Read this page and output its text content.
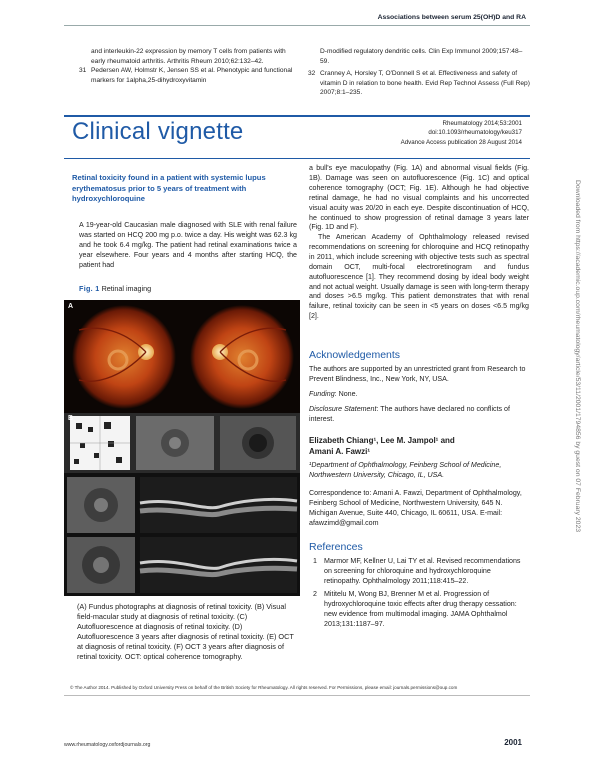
Associations between serum 25(OH)D and RA
and interleukin-22 expression by memory T cells from patients with early rheumatoid arthritis. Arthritis Rheum 2010;62:132–42.
31 Pedersen AW, Holmstr K, Jensen SS et al. Phenotypic and functional markers for 1alpha,25-dihydroxyvitamin
D-modified regulatory dendritic cells. Clin Exp Immunol 2009;157:48–59.
32 Cranney A, Horsley T, O'Donnell S et al. Effectiveness and safety of vitamin D in relation to bone health. Evid Rep Technol Assess (Full Rep) 2007;8:1–235.
Clinical vignette	Rheumatology 2014;53:2001
doi:10.1093/rheumatology/keu317
Advance Access publication 28 August 2014
Retinal toxicity found in a patient with systemic lupus erythematosus prior to 5 years of treatment with hydroxychloroquine
A 19-year-old Caucasian male diagnosed with SLE with renal failure was started on HCQ 200 mg p.o. twice a day. His weight was 62.3 kg and he took 6.4 mg/kg. The patient had retinal examinations twice a year elsewhere. Four years and 4 months after starting HCQ, the patient had
Fig. 1 Retinal imaging
A
B
(A) Fundus photographs at diagnosis of retinal toxicity. (B) Visual field-macular study at diagnosis of retinal toxicity. (C) Autofluorescence at diagnosis of retinal toxicity. (D) Autofluorescence 3 years after diagnosis of retinal toxicity. (E) OCT at diagnosis of retinal toxicity. (F) OCT 3 years after diagnosis of retinal toxicity. OCT: optical coherence tomography.
a bull's eye maculopathy (Fig. 1A) and abnormal visual fields (Fig. 1B). Damage was seen on autofluorescence (Fig. 1C) and optical coherence tomography (OCT; Fig. 1E). Although he had objective retinal damage, he had no visual complaints and his uncorrected visual acuity was 20/20 in each eye. Despite discontinuation of HCQ, he continued to show progression of retinal damage 3 years later (Fig. 1D and F).
The American Academy of Ophthalmology released revised recommendations on screening for chloroquine and HCQ retinopathy in 2011, which include screening with objective tests such as spectral domain OCT, multi-focal electroretinogram and fundus autofluorescence [1]. They recommend dosing by ideal body weight and not actual weight. Usually damage is seen with long-term therapy and doses >6.5 mg/kg. This patient demonstrates that with renal failure, retinal toxicity can be seen in <5 years on doses <6.5 mg/kg [2].
Acknowledgements
The authors are supported by an unrestricted grant from Research to Prevent Blindness, Inc., New York, NY, USA.
Funding: None.
Disclosure Statement: The authors have declared no conflicts of interest.
Elizabeth Chiang¹, Lee M. Jampol¹ and
Amani A. Fawzi¹
¹Department of Ophthalmology, Feinberg School of Medicine, Northwestern University, Chicago, IL, USA.
Correspondence to: Amani A. Fawzi, Department of Ophthalmology, Feinberg School of Medicine, Northwestern University, 645 N. Michigan Avenue, Suite 440, Chicago, IL 60611, USA. E-mail: afawzimd@gmail.com
References
1 Marmor MF, Kellner U, Lai TY et al. Revised recommendations on screening for chloroquine and hydroxychloroquine retinopathy. Ophthalmology 2011;118:415–22.
2 Mititelu M, Wong BJ, Brenner M et al. Progression of hydroxychloroquine toxic effects after drug therapy cessation: new evidence from multimodal imaging. JAMA Ophthalmol 2013;131:1187–97.
© The Author 2014. Published by Oxford University Press on behalf of the British Society for Rheumatology. All rights reserved. For Permissions, please email: journals.permissions@oup.com
www.rheumatology.oxfordjournals.org	2001
Downloaded from https://academic.oup.com/rheumatology/article/53/11/2001/1794856 by guest on 07 February 2023
